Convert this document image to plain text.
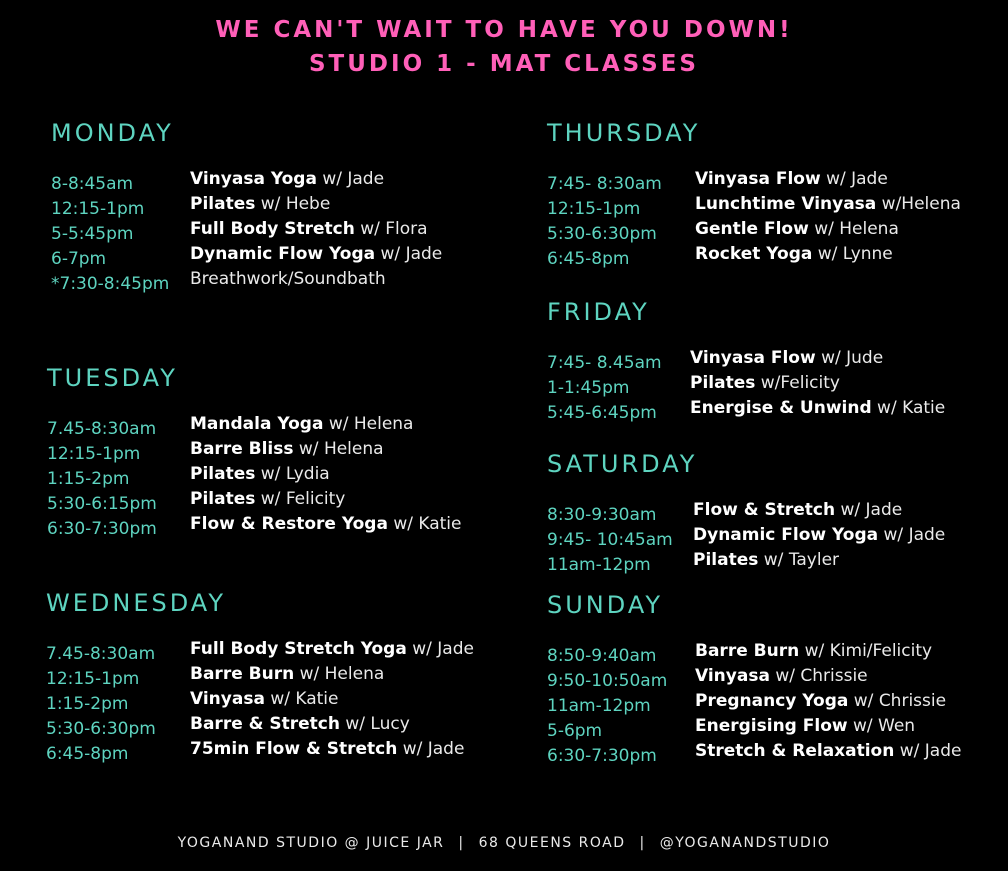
WE CAN'T WAIT TO HAVE YOU DOWN!
STUDIO 1 - MAT CLASSES
MONDAY
8-8:45am	Vinyasa Yoga w/ Jade
12:15-1pm	Pilates w/ Hebe
5-5:45pm	Full Body Stretch w/ Flora
6-7pm	Dynamic Flow Yoga w/ Jade
*7:30-8:45pm Breathwork/Soundbath
TUESDAY
7.45-8:30am Mandala Yoga w/ Helena
12:15-1pm	Barre Bliss w/ Helena
1:15-2pm	Pilates w/ Lydia
5:30-6:15pm Pilates w/ Felicity
6:30-7:30pm Flow & Restore Yoga w/ Katie
WEDNESDAY
7.45-8:30am Full Body Stretch Yoga w/ Jade
12:15-1pm	Barre Burn w/ Helena
1:15-2pm	Vinyasa w/ Katie
5:30-6:30pm Barre & Stretch w/ Lucy
6:45-8pm	75min Flow & Stretch w/ Jade
THURSDAY
7:45- 8:30am Vinyasa Flow w/ Jade
12:15-1pm	Lunchtime Vinyasa w/Helena
5:30-6:30pm Gentle Flow w/ Helena
6:45-8pm	Rocket Yoga w/ Lynne
FRIDAY
7:45- 8.45am Vinyasa Flow w/ Jude
1-1:45pm	Pilates w/Felicity
5:45-6:45pm Energise & Unwind w/ Katie
SATURDAY
8:30-9:30am Flow & Stretch w/ Jade
9:45- 10:45am Dynamic Flow Yoga w/ Jade
11am-12pm Pilates w/ Tayler
SUNDAY
8:50-9:40am Barre Burn w/ Kimi/Felicity
9:50-10:50am Vinyasa w/ Chrissie
11am-12pm	Pregnancy Yoga w/ Chrissie
5-6pm	Energising Flow w/ Wen
6:30-7:30pm Stretch & Relaxation w/ Jade
YOGANAND STUDIO @ JUICE JAR | 68 QUEENS ROAD | @YOGANANDSTUDIO
